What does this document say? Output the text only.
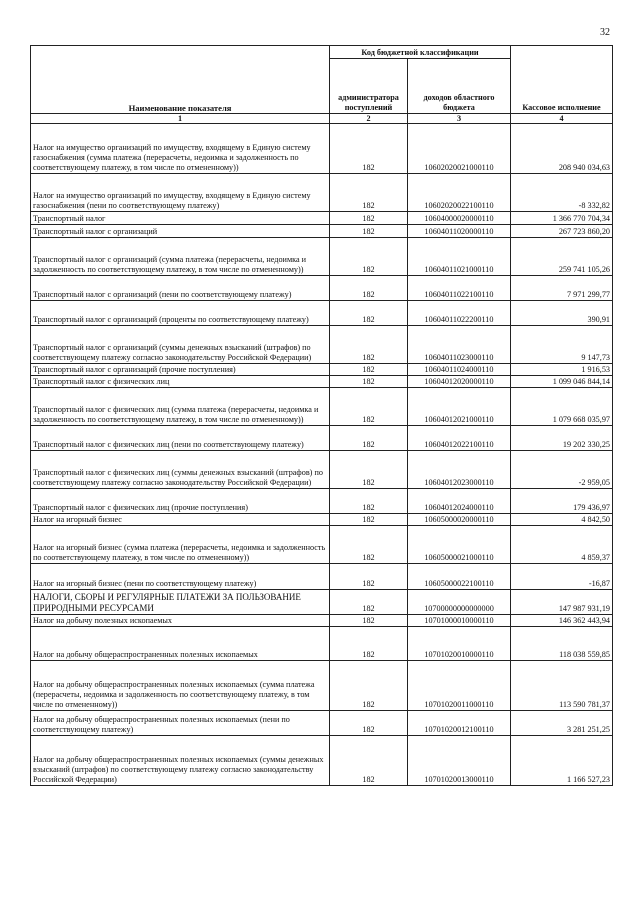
32
Наименование показателя	Код бюджетной классификации		Кассовое исполнение
	администратора поступлений	доходов областного бюджета	
1	2	3	4
Налог на имущество организаций по имуществу, входящему в Единую систему газоснабжения (сумма платежа (перерасчеты, недоимка и задолженность по соответствующему платежу, в том числе по отмененному))	182	10602020021000110	208 940 034,63
Налог на имущество организаций по имуществу, входящему в Единую систему газоснабжения (пени по соответствующему платежу)	182	10602020022100110	-8 332,82
Транспортный налог	182	10604000020000110	1 366 770 704,34
Транспортный налог с организаций	182	10604011020000110	267 723 860,20
Транспортный налог с организаций (сумма платежа (перерасчеты, недоимка и задолженность по соответствующему платежу, в том числе по отмененному))	182	10604011021000110	259 741 105,26
Транспортный налог с организаций (пени по соответствующему платежу)	182	10604011022100110	7 971 299,77
Транспортный налог с организаций (проценты по соответствующему платежу)	182	10604011022200110	390,91
Транспортный налог с организаций (суммы денежных взысканий (штрафов) по соответствующему платежу согласно законодательству Российской Федерации)	182	10604011023000110	9 147,73
Транспортный налог с организаций (прочие поступления)	182	10604011024000110	1 916,53
Транспортный налог с физических лиц	182	10604012020000110	1 099 046 844,14
Транспортный налог с физических лиц (сумма платежа (перерасчеты, недоимка и задолженность по соответствующему платежу, в том числе по отмененному))	182	10604012021000110	1 079 668 035,97
Транспортный налог с физических лиц (пени по соответствующему платежу)	182	10604012022100110	19 202 330,25
Транспортный налог с физических лиц (суммы денежных взысканий (штрафов) по соответствующему платежу согласно законодательству Российской Федерации)	182	10604012023000110	-2 959,05
Транспортный налог с физических лиц (прочие поступления)	182	10604012024000110	179 436,97
Налог на игорный бизнес	182	10605000020000110	4 842,50
Налог на игорный бизнес (сумма платежа (перерасчеты, недоимка и задолженность по соответствующему платежу, в том числе по отмененному))	182	10605000021000110	4 859,37
Налог на игорный бизнес (пени по соответствующему платежу)	182	10605000022100110	-16,87
НАЛОГИ, СБОРЫ И РЕГУЛЯРНЫЕ ПЛАТЕЖИ ЗА ПОЛЬЗОВАНИЕ ПРИРОДНЫМИ РЕСУРСАМИ	182	10700000000000000	147 987 931,19
Налог на добычу полезных ископаемых	182	10701000010000110	146 362 443,94
Налог на добычу общераспространенных полезных ископаемых	182	10701020010000110	118 038 559,85
Налог на добычу общераспространенных полезных ископаемых (сумма платежа (перерасчеты, недоимка и задолженность по соответствующему платежу, в том числе по отмененному))	182	10701020011000110	113 590 781,37
Налог на добычу общераспространенных полезных ископаемых (пени по соответствующему платежу)	182	10701020012100110	3 281 251,25
Налог на добычу общераспространенных полезных ископаемых (суммы денежных взысканий (штрафов) по соответствующему платежу согласно законодательству Российской Федерации)	182	10701020013000110	1 166 527,23
